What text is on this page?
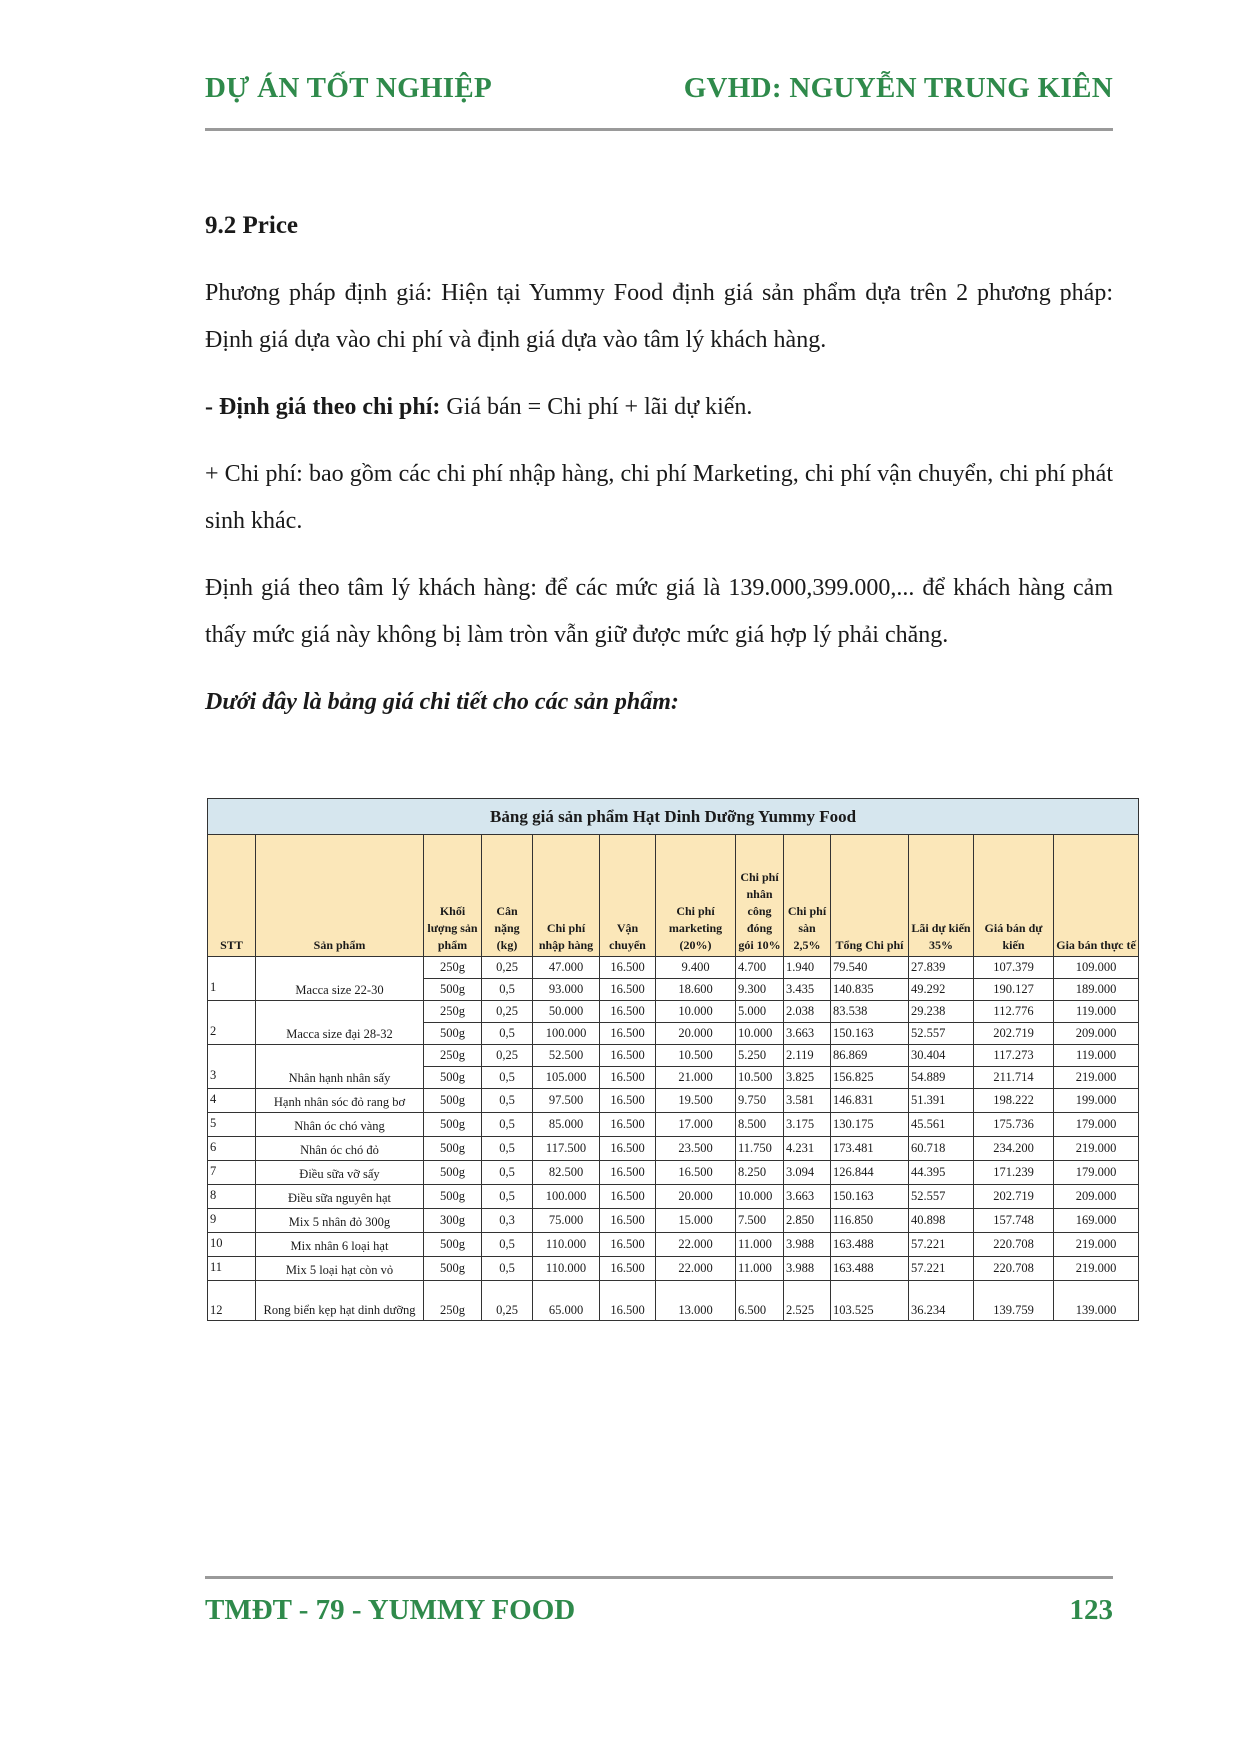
DỰ ÁN TỐT NGHIỆP	GVHD: NGUYỄN TRUNG KIÊN
9.2 Price

Phương pháp định giá: Hiện tại Yummy Food định giá sản phẩm dựa trên 2 phương pháp: Định giá dựa vào chi phí và định giá dựa vào tâm lý khách hàng.

- Định giá theo chi phí: Giá bán = Chi phí + lãi dự kiến.

+ Chi phí: bao gồm các chi phí nhập hàng, chi phí Marketing, chi phí vận chuyển, chi phí phát sinh khác.

Định giá theo tâm lý khách hàng: để các mức giá là 139.000,399.000,... để khách hàng cảm thấy mức giá này không bị làm tròn vẫn giữ được mức giá hợp lý phải chăng.

Dưới đây là bảng giá chi tiết cho các sản phẩm:

Bảng giá sản phẩm Hạt Dinh Dưỡng Yummy Food												
STT	Sản phẩm	Khối lượng sản phẩm	Cân nặng (kg)	Chi phí nhập hàng	Vận chuyển	Chi phí marketing (20%)	Chi phí nhân công đóng gói 10%	Chi phí sàn 2,5%	Tổng Chi phí	Lãi dự kiến 35%	Giá bán dự kiến	Gia bán thực tế
1	Macca size 22-30	250g	0,25	47.000	16.500	9.400	4.700	1.940	79.540	27.839	107.379	109.000
		500g	0,5	93.000	16.500	18.600	9.300	3.435	140.835	49.292	190.127	189.000
2	Macca size đại 28-32	250g	0,25	50.000	16.500	10.000	5.000	2.038	83.538	29.238	112.776	119.000
		500g	0,5	100.000	16.500	20.000	10.000	3.663	150.163	52.557	202.719	209.000
3	Nhân hạnh nhân sấy	250g	0,25	52.500	16.500	10.500	5.250	2.119	86.869	30.404	117.273	119.000
		500g	0,5	105.000	16.500	21.000	10.500	3.825	156.825	54.889	211.714	219.000
4	Hạnh nhân sóc đỏ rang bơ	500g	0,5	97.500	16.500	19.500	9.750	3.581	146.831	51.391	198.222	199.000
5	Nhân óc chó vàng	500g	0,5	85.000	16.500	17.000	8.500	3.175	130.175	45.561	175.736	179.000
6	Nhân óc chó đỏ	500g	0,5	117.500	16.500	23.500	11.750	4.231	173.481	60.718	234.200	219.000
7	Điều sữa vỡ sấy	500g	0,5	82.500	16.500	16.500	8.250	3.094	126.844	44.395	171.239	179.000
8	Điều sữa nguyên hạt	500g	0,5	100.000	16.500	20.000	10.000	3.663	150.163	52.557	202.719	209.000
9	Mix 5 nhân đỏ 300g	300g	0,3	75.000	16.500	15.000	7.500	2.850	116.850	40.898	157.748	169.000
10	Mix nhân 6 loại hạt	500g	0,5	110.000	16.500	22.000	11.000	3.988	163.488	57.221	220.708	219.000
11	Mix 5 loại hạt còn vỏ	500g	0,5	110.000	16.500	22.000	11.000	3.988	163.488	57.221	220.708	219.000
12	Rong biển kẹp hạt dinh dưỡng	250g	0,25	65.000	16.500	13.000	6.500	2.525	103.525	36.234	139.759	139.000
TMĐT - 79 - YUMMY FOOD	123
